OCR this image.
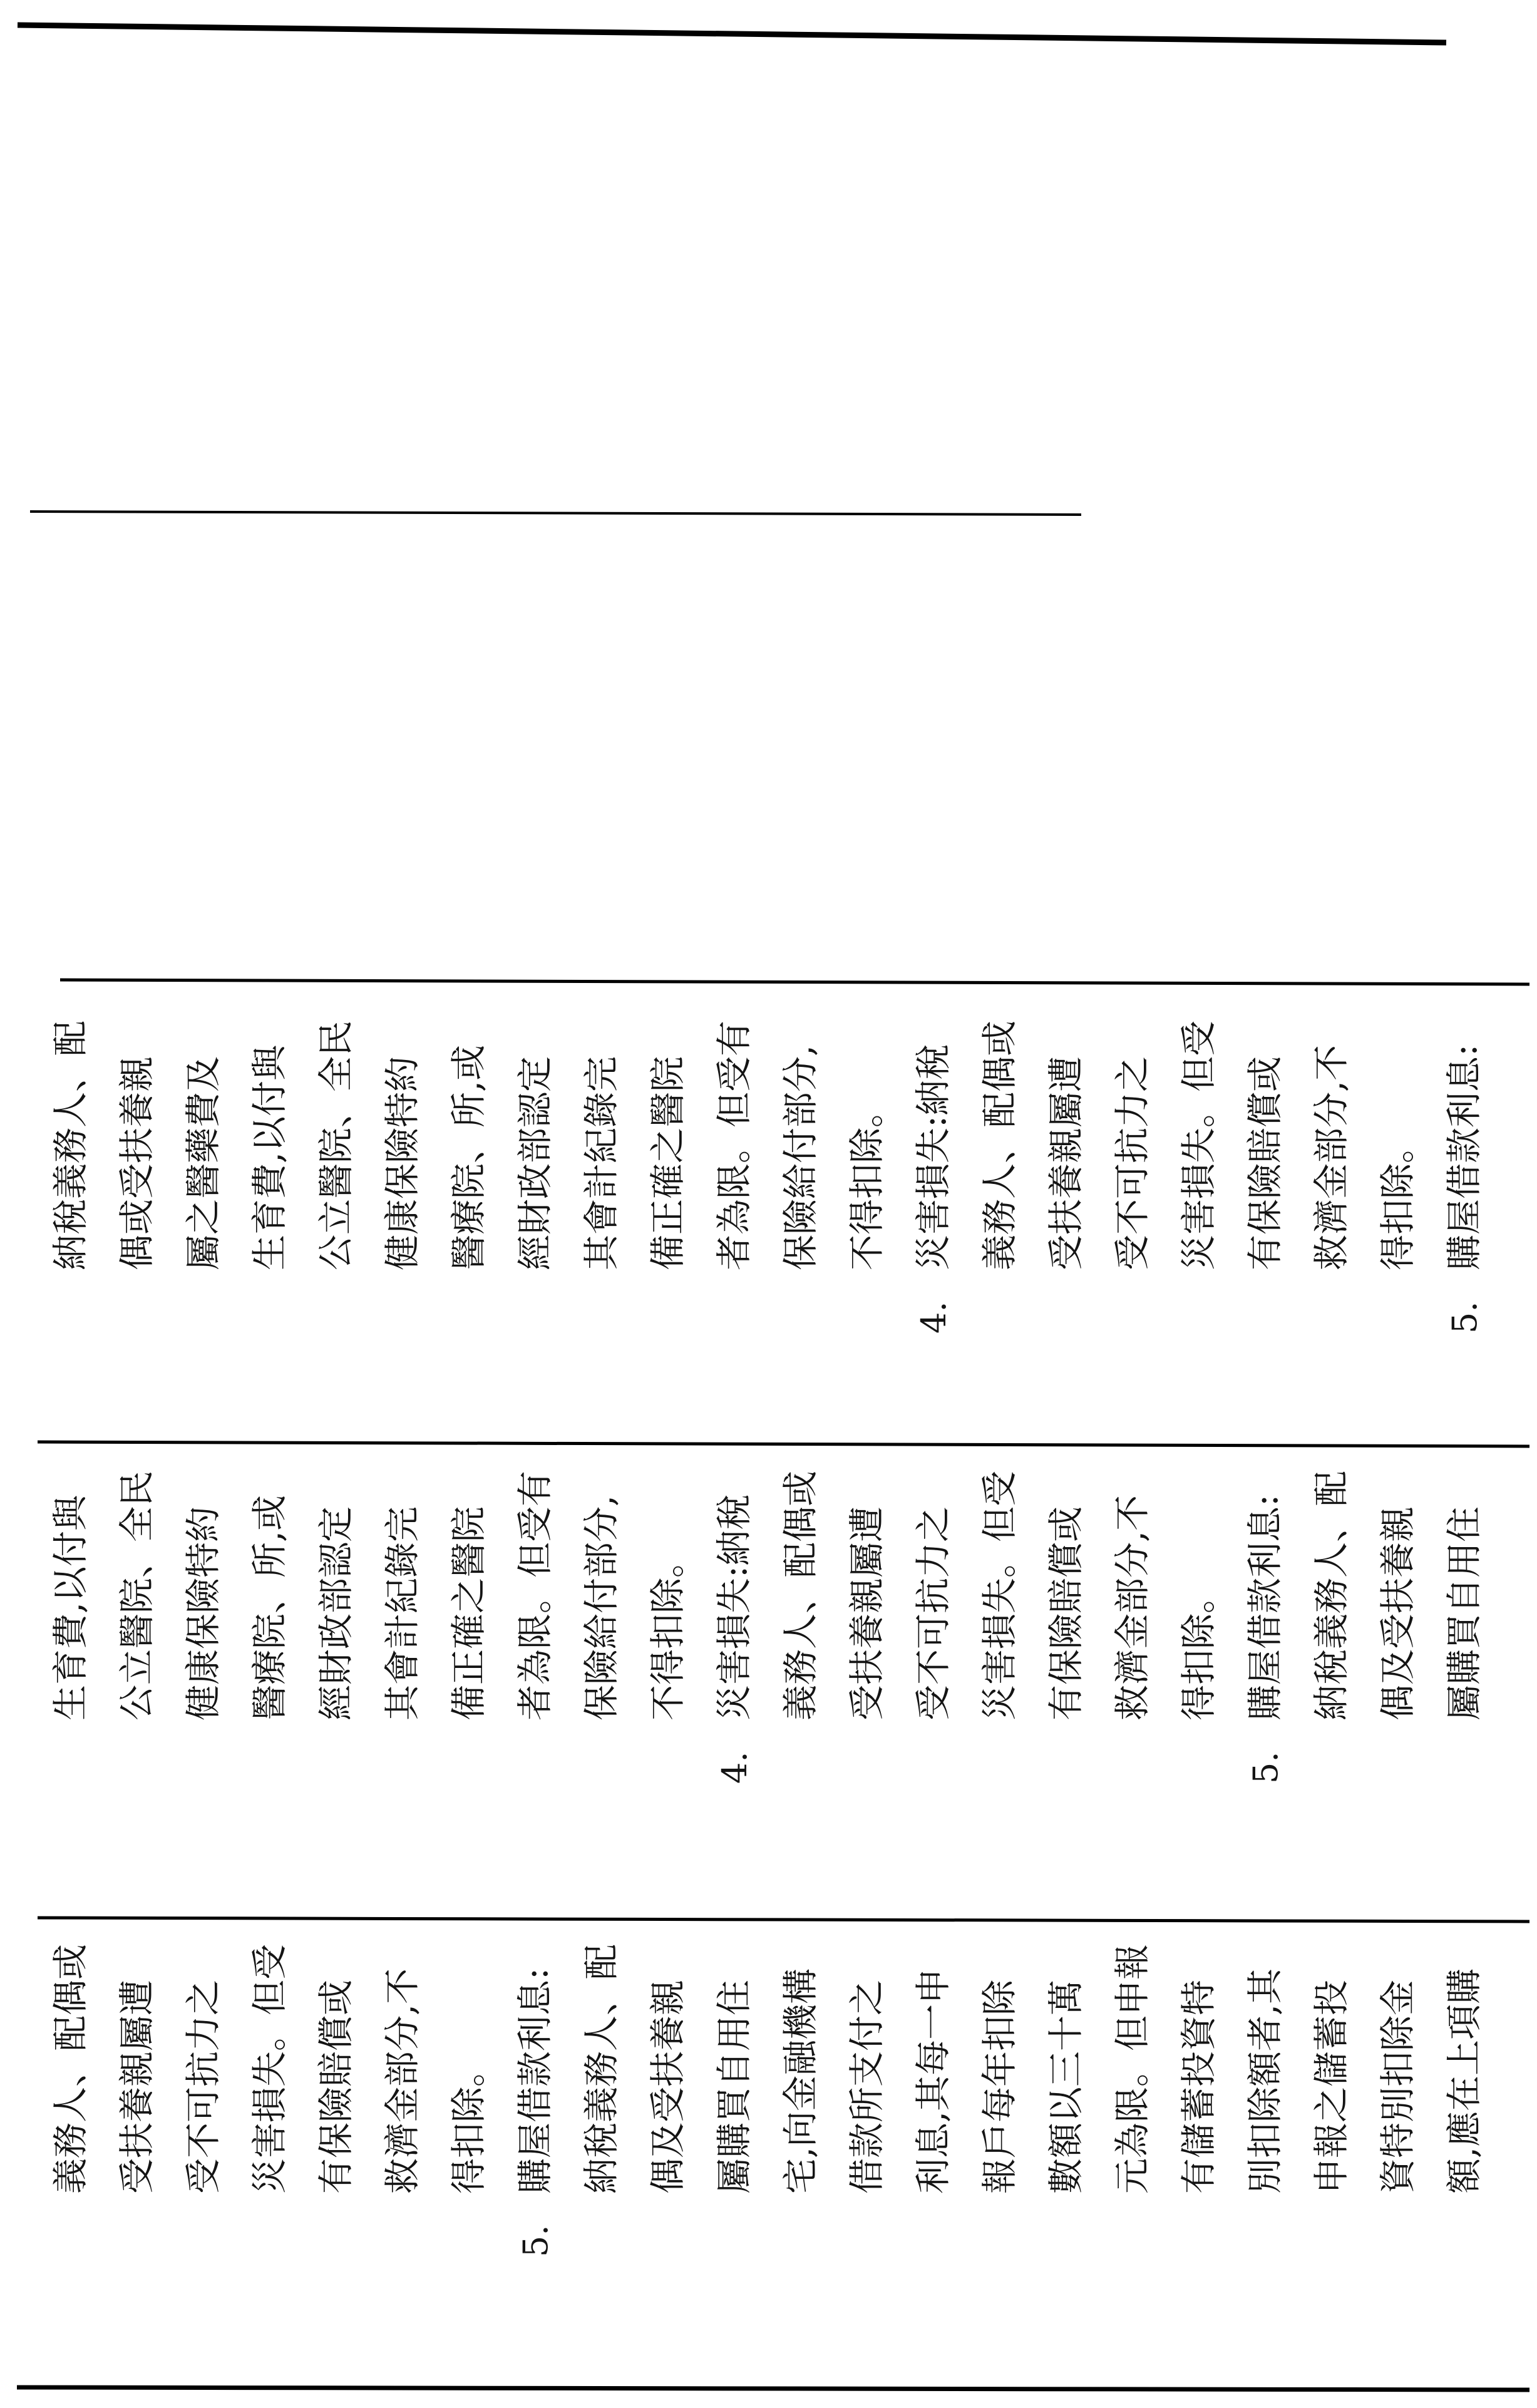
納稅義務人、配 偶或受扶養親 屬之醫藥費及 生育費,以付與 公立醫院、全民 健康保險特約 醫療院、所,或 經財政部認定 其會計紀錄完 備正確之醫院 者為限。但受有 保險給付部分, 不得扣除。
4.災害損失:納稅 義務人、配偶或 受扶養親屬遭 受不可抗力之 災害損失。但受 有保險賠償或 救濟金部分,不 得扣除。
5.購屋借款利息:
生育費,以付與 公立醫院、全民 健康保險特約 醫療院、所,或 經財政部認定 其會計紀錄完 備正確之醫院 者為限。但受有 保險給付部分, 不得扣除。
4.災害損失:納稅 義務人、配偶或 受扶養親屬遭 受不可抗力之 災害損失。但受 有保險賠償或 救濟金部分,不 得扣除。
5.購屋借款利息: 納稅義務人、配 偶及受扶養親 屬購買自用住
義務人、配偶或 受扶養親屬遭 受不可抗力之 災害損失。但受 有保險賠償或 救濟金部分,不 得扣除。
5.購屋借款利息: 納稅義務人、配 偶及受扶養親 屬購買自用住 宅,向金融機構 借款所支付之 利息,其每一申 報戶每年扣除 數額以三十萬 元為限。但申報 有儲蓄投資特 別扣除額者,其 申報之儲蓄投 資特別扣除金 額,應在上項購
